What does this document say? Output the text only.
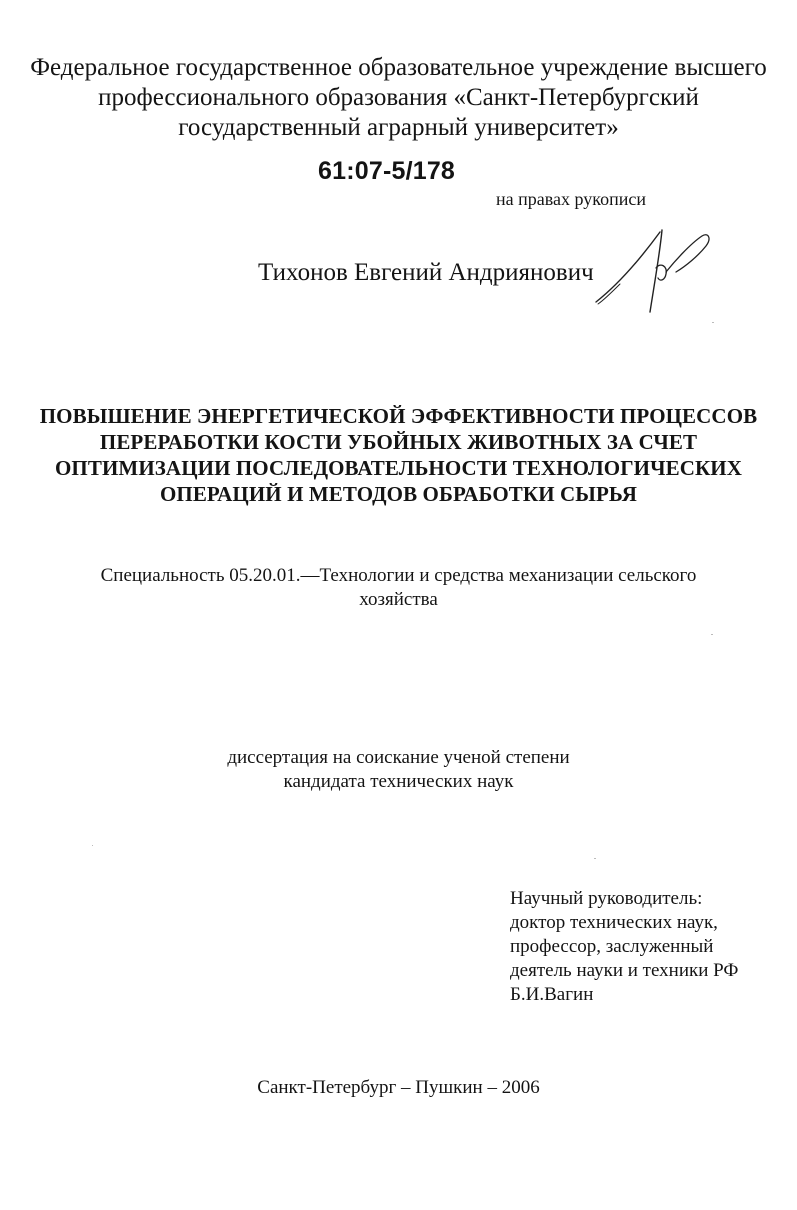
Федеральное государственное образовательное учреждение высшего
профессионального образования «Санкт-Петербургский
государственный аграрный университет»
61:07-5/178
на правах рукописи
Тихонов Евгений Андриянович
ПОВЫШЕНИЕ ЭНЕРГЕТИЧЕСКОЙ ЭФФЕКТИВНОСТИ ПРОЦЕССОВ
ПЕРЕРАБОТКИ КОСТИ УБОЙНЫХ ЖИВОТНЫХ ЗА СЧЕТ
ОПТИМИЗАЦИИ ПОСЛЕДОВАТЕЛЬНОСТИ ТЕХНОЛОГИЧЕСКИХ
ОПЕРАЦИЙ И МЕТОДОВ ОБРАБОТКИ СЫРЬЯ
Специальность 05.20.01.—Технологии и средства механизации сельского
хозяйства
диссертация на соискание ученой степени
кандидата технических наук
Научный руководитель:
доктор технических наук,
профессор, заслуженный
деятель науки и техники РФ
Б.И.Вагин
Санкт-Петербург – Пушкин – 2006
